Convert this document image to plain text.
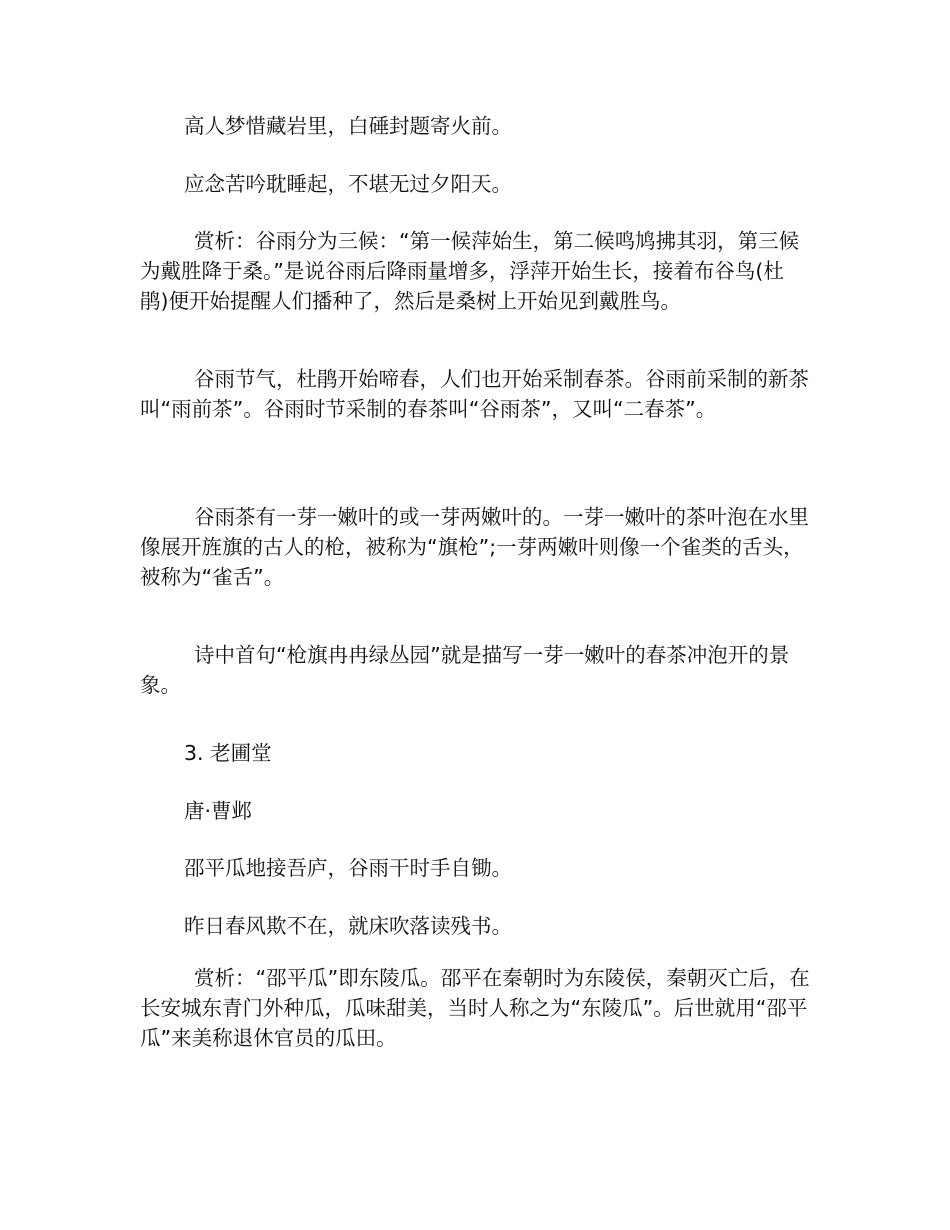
高人梦惜藏岩里，白硾封题寄火前。

应念苦吟耽睡起，不堪无过夕阳天。

赏析：谷雨分为三候：“第一候萍始生，第二候鸣鸠拂其羽，第三候为戴胜降于桑。”是说谷雨后降雨量增多，浮萍开始生长，接着布谷鸟(杜鹃)便开始提醒人们播种了，然后是桑树上开始见到戴胜鸟。

谷雨节气，杜鹃开始啼春，人们也开始采制春茶。谷雨前采制的新茶叫“雨前茶”。谷雨时节采制的春茶叫“谷雨茶”，又叫“二春茶”。

谷雨茶有一芽一嫩叶的或一芽两嫩叶的。一芽一嫩叶的茶叶泡在水里像展开旌旗的古人的枪，被称为“旗枪”;一芽两嫩叶则像一个雀类的舌头，被称为“雀舌”。

诗中首句“枪旗冉冉绿丛园”就是描写一芽一嫩叶的春茶冲泡开的景象。

3. 老圃堂

唐·曹邺

邵平瓜地接吾庐，谷雨干时手自锄。

昨日春风欺不在，就床吹落读残书。

赏析：“邵平瓜”即东陵瓜。邵平在秦朝时为东陵侯，秦朝灭亡后，在长安城东青门外种瓜，瓜味甜美，当时人称之为“东陵瓜”。后世就用“邵平瓜”来美称退休官员的瓜田。
